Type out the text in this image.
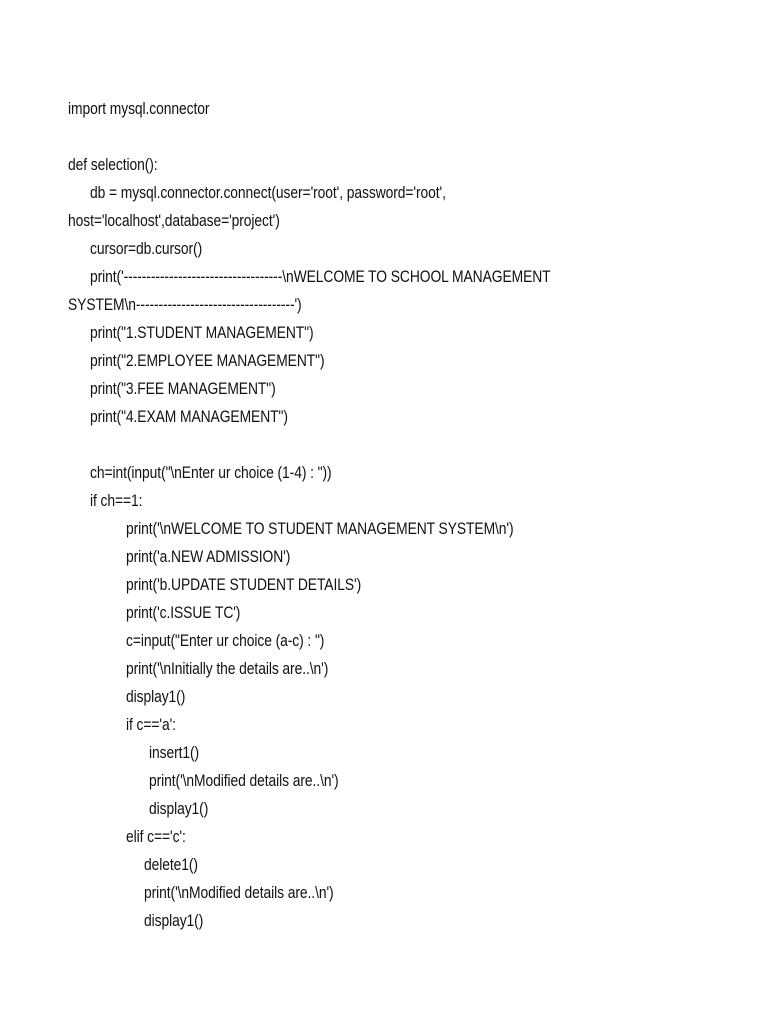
import mysql.connector
def selection():
db = mysql.connector.connect(user='root', password='root',
host='localhost',database='project')
cursor=db.cursor()
print('-----------------------------------\nWELCOME TO SCHOOL MANAGEMENT
SYSTEM\n-----------------------------------')
print("1.STUDENT MANAGEMENT")
print("2.EMPLOYEE MANAGEMENT")
print("3.FEE MANAGEMENT")
print("4.EXAM MANAGEMENT")
ch=int(input("\nEnter ur choice (1-4) : "))
if ch==1:
print('\nWELCOME TO STUDENT MANAGEMENT SYSTEM\n')
print('a.NEW ADMISSION')
print('b.UPDATE STUDENT DETAILS')
print('c.ISSUE TC')
c=input("Enter ur choice (a-c) : ")
print('\nInitially the details are..\n')
display1()
if c=='a':
insert1()
print('\nModified details are..\n')
display1()
elif c=='c':
delete1()
print('\nModified details are..\n')
display1()
